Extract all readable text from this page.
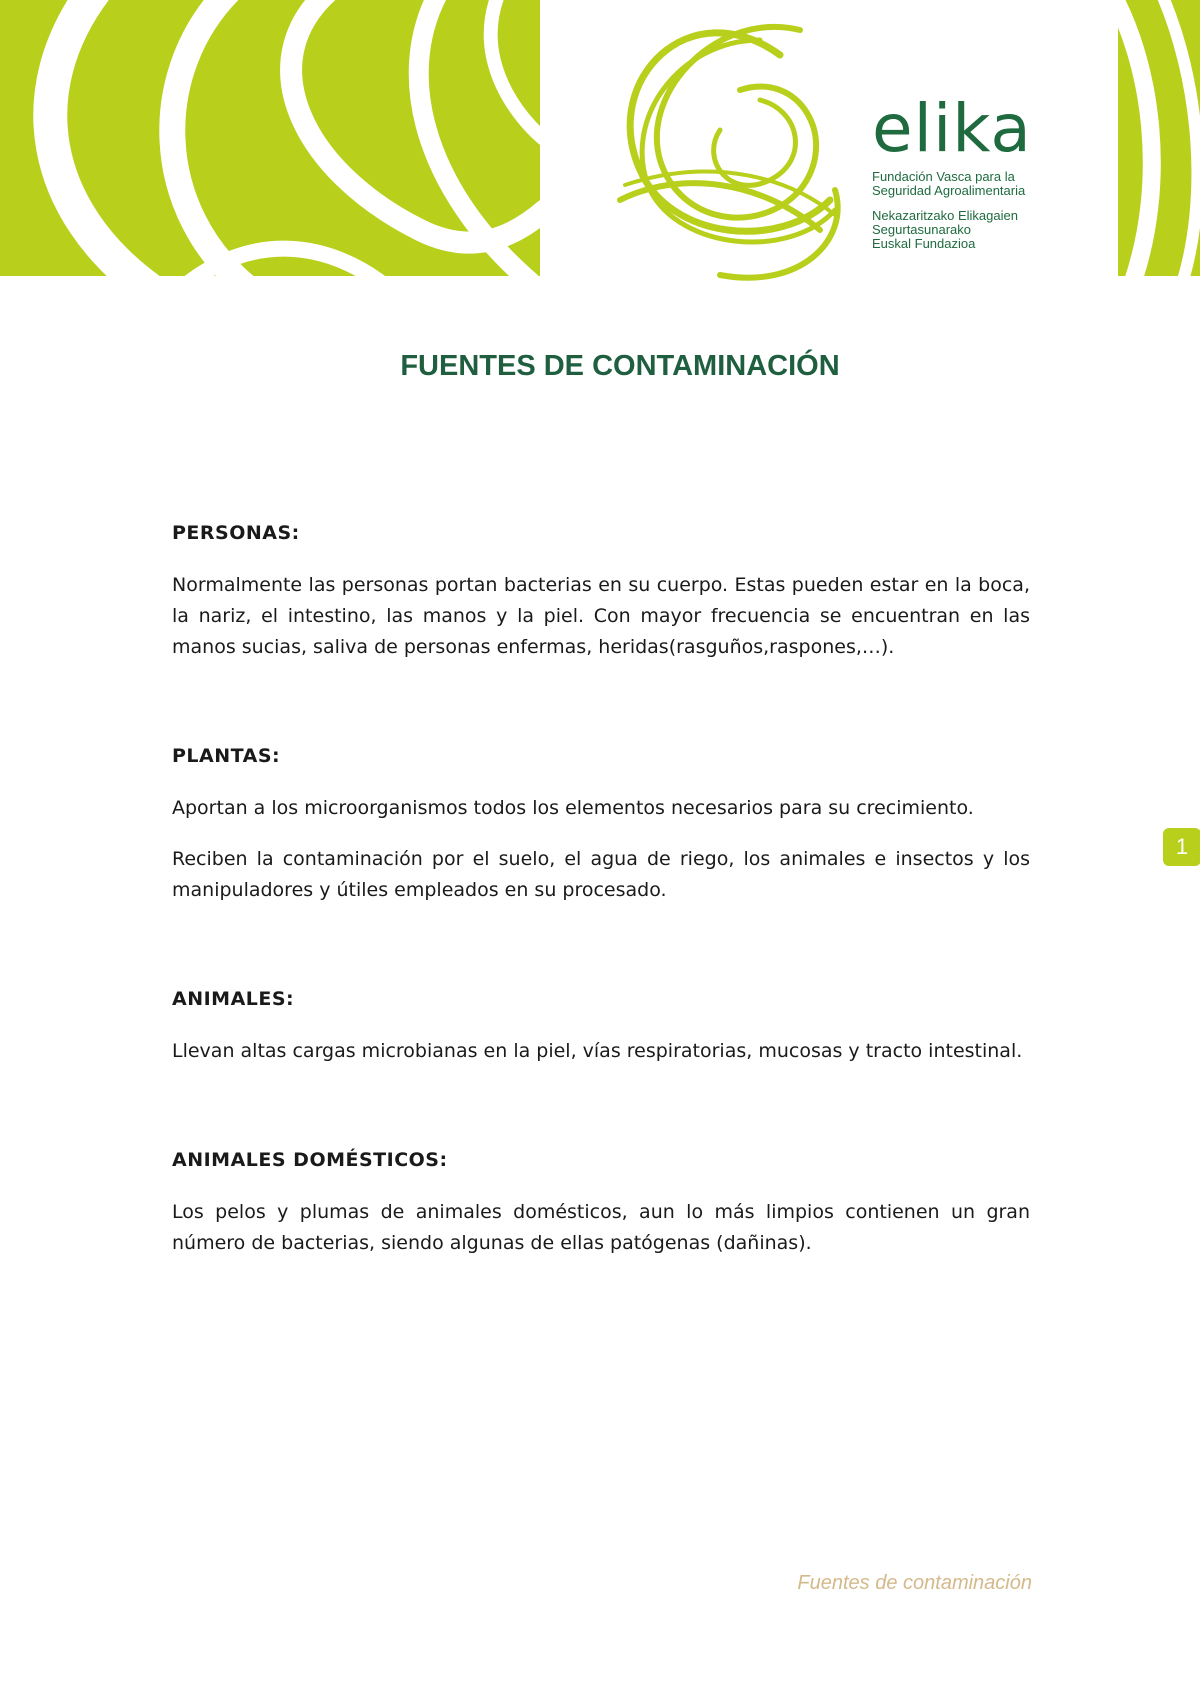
elika
Fundación Vasca para la
Seguridad Agroalimentaria
Nekazaritzako Elikagaien
Segurtasunarako
Euskal Fundazioa
FUENTES DE CONTAMINACIÓN
PERSONAS:

Normalmente las personas portan bacterias en su cuerpo. Estas pueden estar en la boca, la nariz, el intestino, las manos y la piel. Con mayor frecuencia se encuentran en las manos sucias, saliva de personas enfermas, heridas(rasguños,raspones,…).

PLANTAS:

Aportan a los microorganismos todos los elementos necesarios para su crecimiento.

Reciben la contaminación por el suelo, el agua de riego, los animales e insectos y los manipuladores y útiles empleados en su procesado.

ANIMALES:

Llevan altas cargas microbianas en la piel, vías respiratorias, mucosas y tracto intestinal.

ANIMALES DOMÉSTICOS:

Los pelos y plumas de animales domésticos, aun lo más limpios contienen un gran número de bacterias, siendo algunas de ellas patógenas (dañinas).

1
Fuentes de contaminación
